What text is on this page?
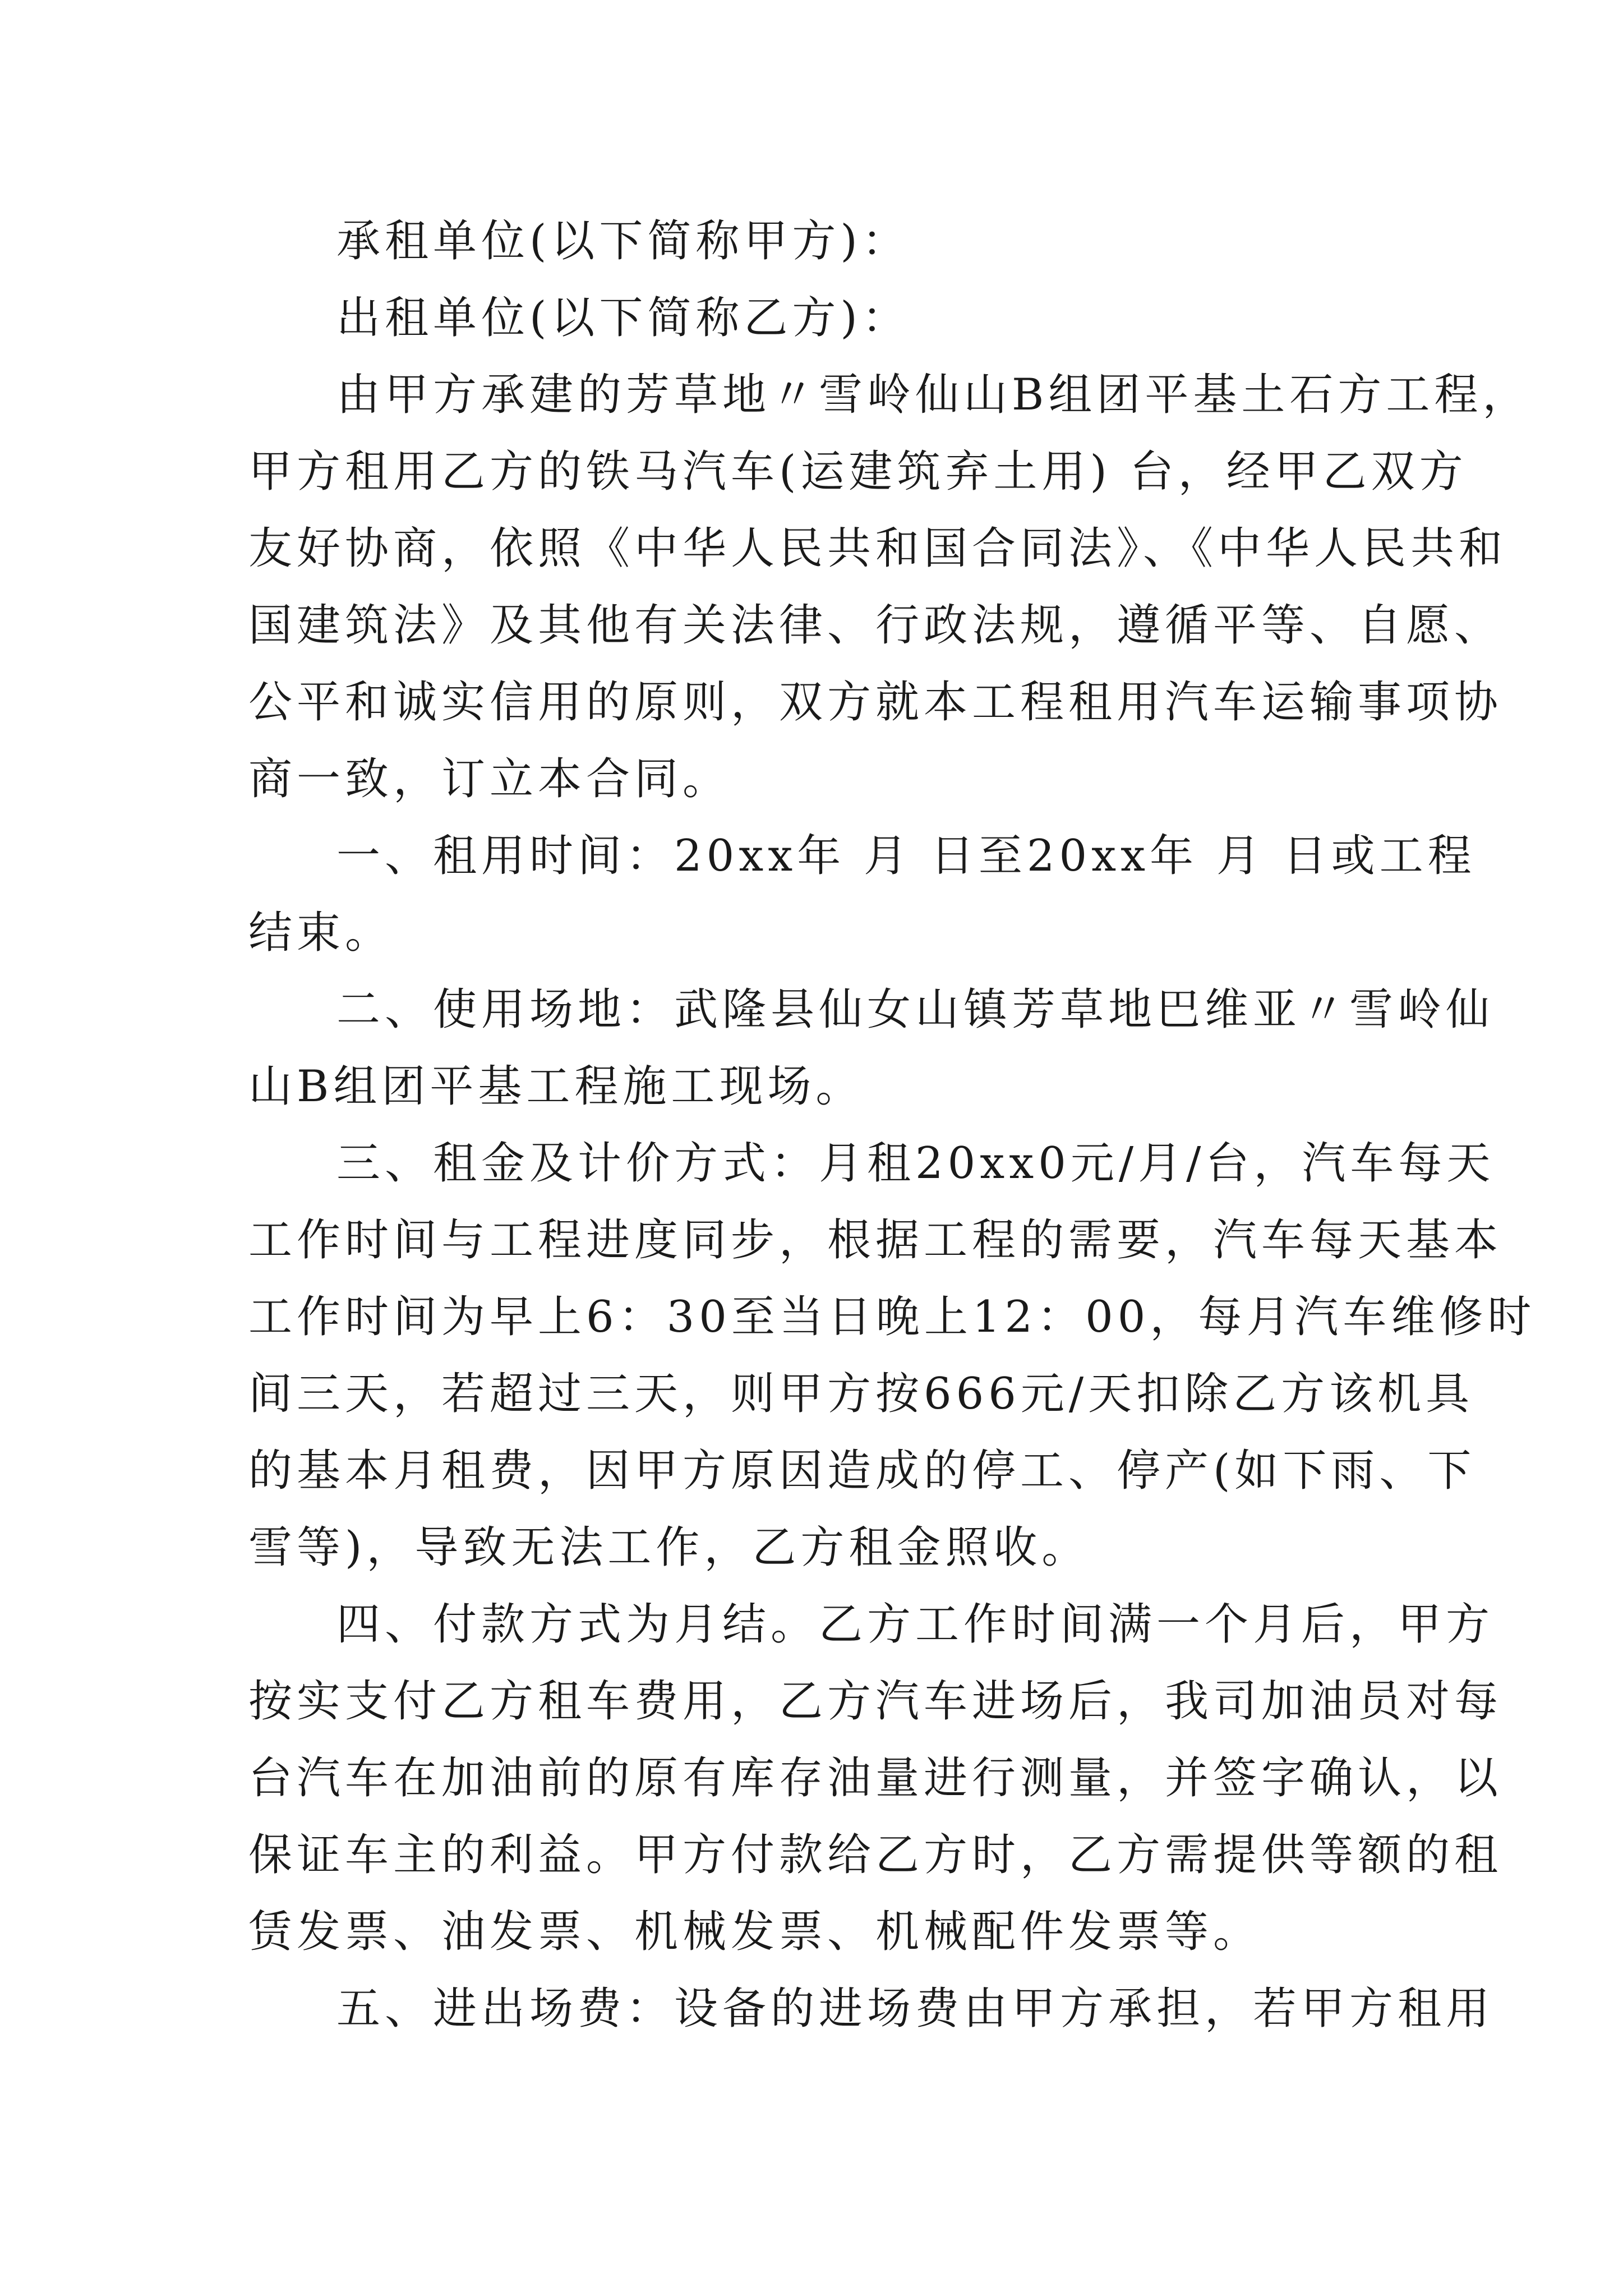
承租单位(以下简称甲方)：
出租单位(以下简称乙方)：
由甲方承建的芳草地〃雪岭仙山B组团平基土石方工程，
甲方租用乙方的铁马汽车(运建筑弃土用) 台，经甲乙双方
友好协商，依照《中华人民共和国合同法》、《中华人民共和
国建筑法》及其他有关法律、行政法规，遵循平等、自愿、
公平和诚实信用的原则，双方就本工程租用汽车运输事项协
商一致，订立本合同。
一、租用时间：20xx年 月 日至20xx年 月 日或工程
结束。
二、使用场地：武隆县仙女山镇芳草地巴维亚〃雪岭仙
山B组团平基工程施工现场。
三、租金及计价方式：月租20xx0元/月/台，汽车每天
工作时间与工程进度同步，根据工程的需要，汽车每天基本
工作时间为早上6：30至当日晚上12：00，每月汽车维修时
间三天，若超过三天，则甲方按666元/天扣除乙方该机具
的基本月租费，因甲方原因造成的停工、停产(如下雨、下
雪等)，导致无法工作，乙方租金照收。
四、付款方式为月结。乙方工作时间满一个月后，甲方
按实支付乙方租车费用，乙方汽车进场后，我司加油员对每
台汽车在加油前的原有库存油量进行测量，并签字确认，以
保证车主的利益。甲方付款给乙方时，乙方需提供等额的租
赁发票、油发票、机械发票、机械配件发票等。
五、进出场费：设备的进场费由甲方承担，若甲方租用
